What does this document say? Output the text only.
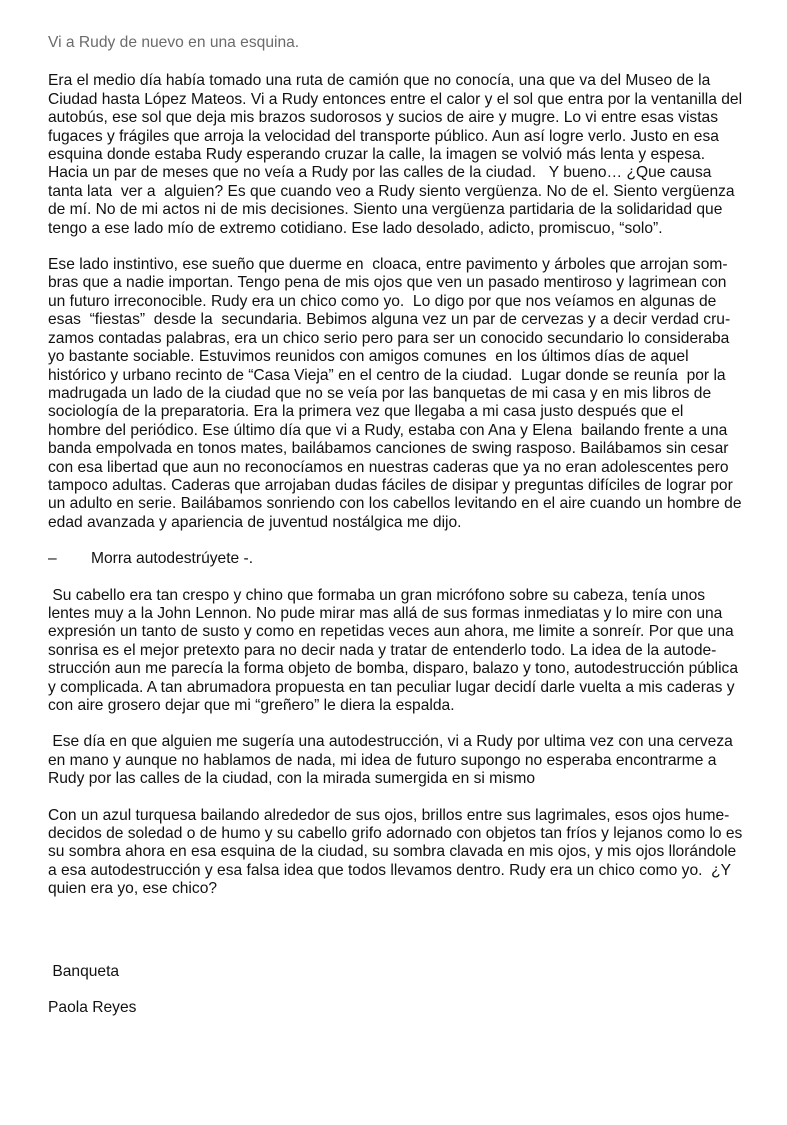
Vi a Rudy de nuevo en una esquina.
Era el medio día había tomado una ruta de camión que no conocía, una que va del Museo de la
Ciudad hasta López Mateos. Vi a Rudy entonces entre el calor y el sol que entra por la ventanilla del
autobús, ese sol que deja mis brazos sudorosos y sucios de aire y mugre. Lo vi entre esas vistas
fugaces y frágiles que arroja la velocidad del transporte público. Aun así logre verlo. Justo en esa
esquina donde estaba Rudy esperando cruzar la calle, la imagen se volvió más lenta y espesa.
Hacia un par de meses que no veía a Rudy por las calles de la ciudad.   Y bueno… ¿Que causa
tanta lata  ver a  alguien? Es que cuando veo a Rudy siento vergüenza. No de el. Siento vergüenza
de mí. No de mi actos ni de mis decisiones. Siento una vergüenza partidaria de la solidaridad que
tengo a ese lado mío de extremo cotidiano. Ese lado desolado, adicto, promiscuo, “solo”.
Ese lado instintivo, ese sueño que duerme en  cloaca, entre pavimento y árboles que arrojan som-
bras que a nadie importan. Tengo pena de mis ojos que ven un pasado mentiroso y lagrimean con
un futuro irreconocible. Rudy era un chico como yo.  Lo digo por que nos veíamos en algunas de
esas  “fiestas”  desde la  secundaria. Bebimos alguna vez un par de cervezas y a decir verdad cru-
zamos contadas palabras, era un chico serio pero para ser un conocido secundario lo consideraba
yo bastante sociable. Estuvimos reunidos con amigos comunes  en los últimos días de aquel
histórico y urbano recinto de “Casa Vieja” en el centro de la ciudad.  Lugar donde se reunía  por la
madrugada un lado de la ciudad que no se veía por las banquetas de mi casa y en mis libros de
sociología de la preparatoria. Era la primera vez que llegaba a mi casa justo después que el
hombre del periódico. Ese último día que vi a Rudy, estaba con Ana y Elena  bailando frente a una
banda empolvada en tonos mates, bailábamos canciones de swing rasposo. Bailábamos sin cesar
con esa libertad que aun no reconocíamos en nuestras caderas que ya no eran adolescentes pero
tampoco adultas. Caderas que arrojaban dudas fáciles de disipar y preguntas difíciles de lograr por
un adulto en serie. Bailábamos sonriendo con los cabellos levitando en el aire cuando un hombre de
edad avanzada y apariencia de juventud nostálgica me dijo.
– Morra autodestrúyete -.
Su cabello era tan crespo y chino que formaba un gran micrófono sobre su cabeza, tenía unos
lentes muy a la John Lennon. No pude mirar mas allá de sus formas inmediatas y lo mire con una
expresión un tanto de susto y como en repetidas veces aun ahora, me limite a sonreír. Por que una
sonrisa es el mejor pretexto para no decir nada y tratar de entenderlo todo. La idea de la autode-
strucción aun me parecía la forma objeto de bomba, disparo, balazo y tono, autodestrucción pública
y complicada. A tan abrumadora propuesta en tan peculiar lugar decidí darle vuelta a mis caderas y
con aire grosero dejar que mi “greñero” le diera la espalda.
Ese día en que alguien me sugería una autodestrucción, vi a Rudy por ultima vez con una cerveza
en mano y aunque no hablamos de nada, mi idea de futuro supongo no esperaba encontrarme a
Rudy por las calles de la ciudad, con la mirada sumergida en si mismo
Con un azul turquesa bailando alrededor de sus ojos, brillos entre sus lagrimales, esos ojos hume-
decidos de soledad o de humo y su cabello grifo adornado con objetos tan fríos y lejanos como lo es
su sombra ahora en esa esquina de la ciudad, su sombra clavada en mis ojos, y mis ojos llorándole
a esa autodestrucción y esa falsa idea que todos llevamos dentro. Rudy era un chico como yo.  ¿Y
quien era yo, ese chico?
Banqueta
Paola Reyes
